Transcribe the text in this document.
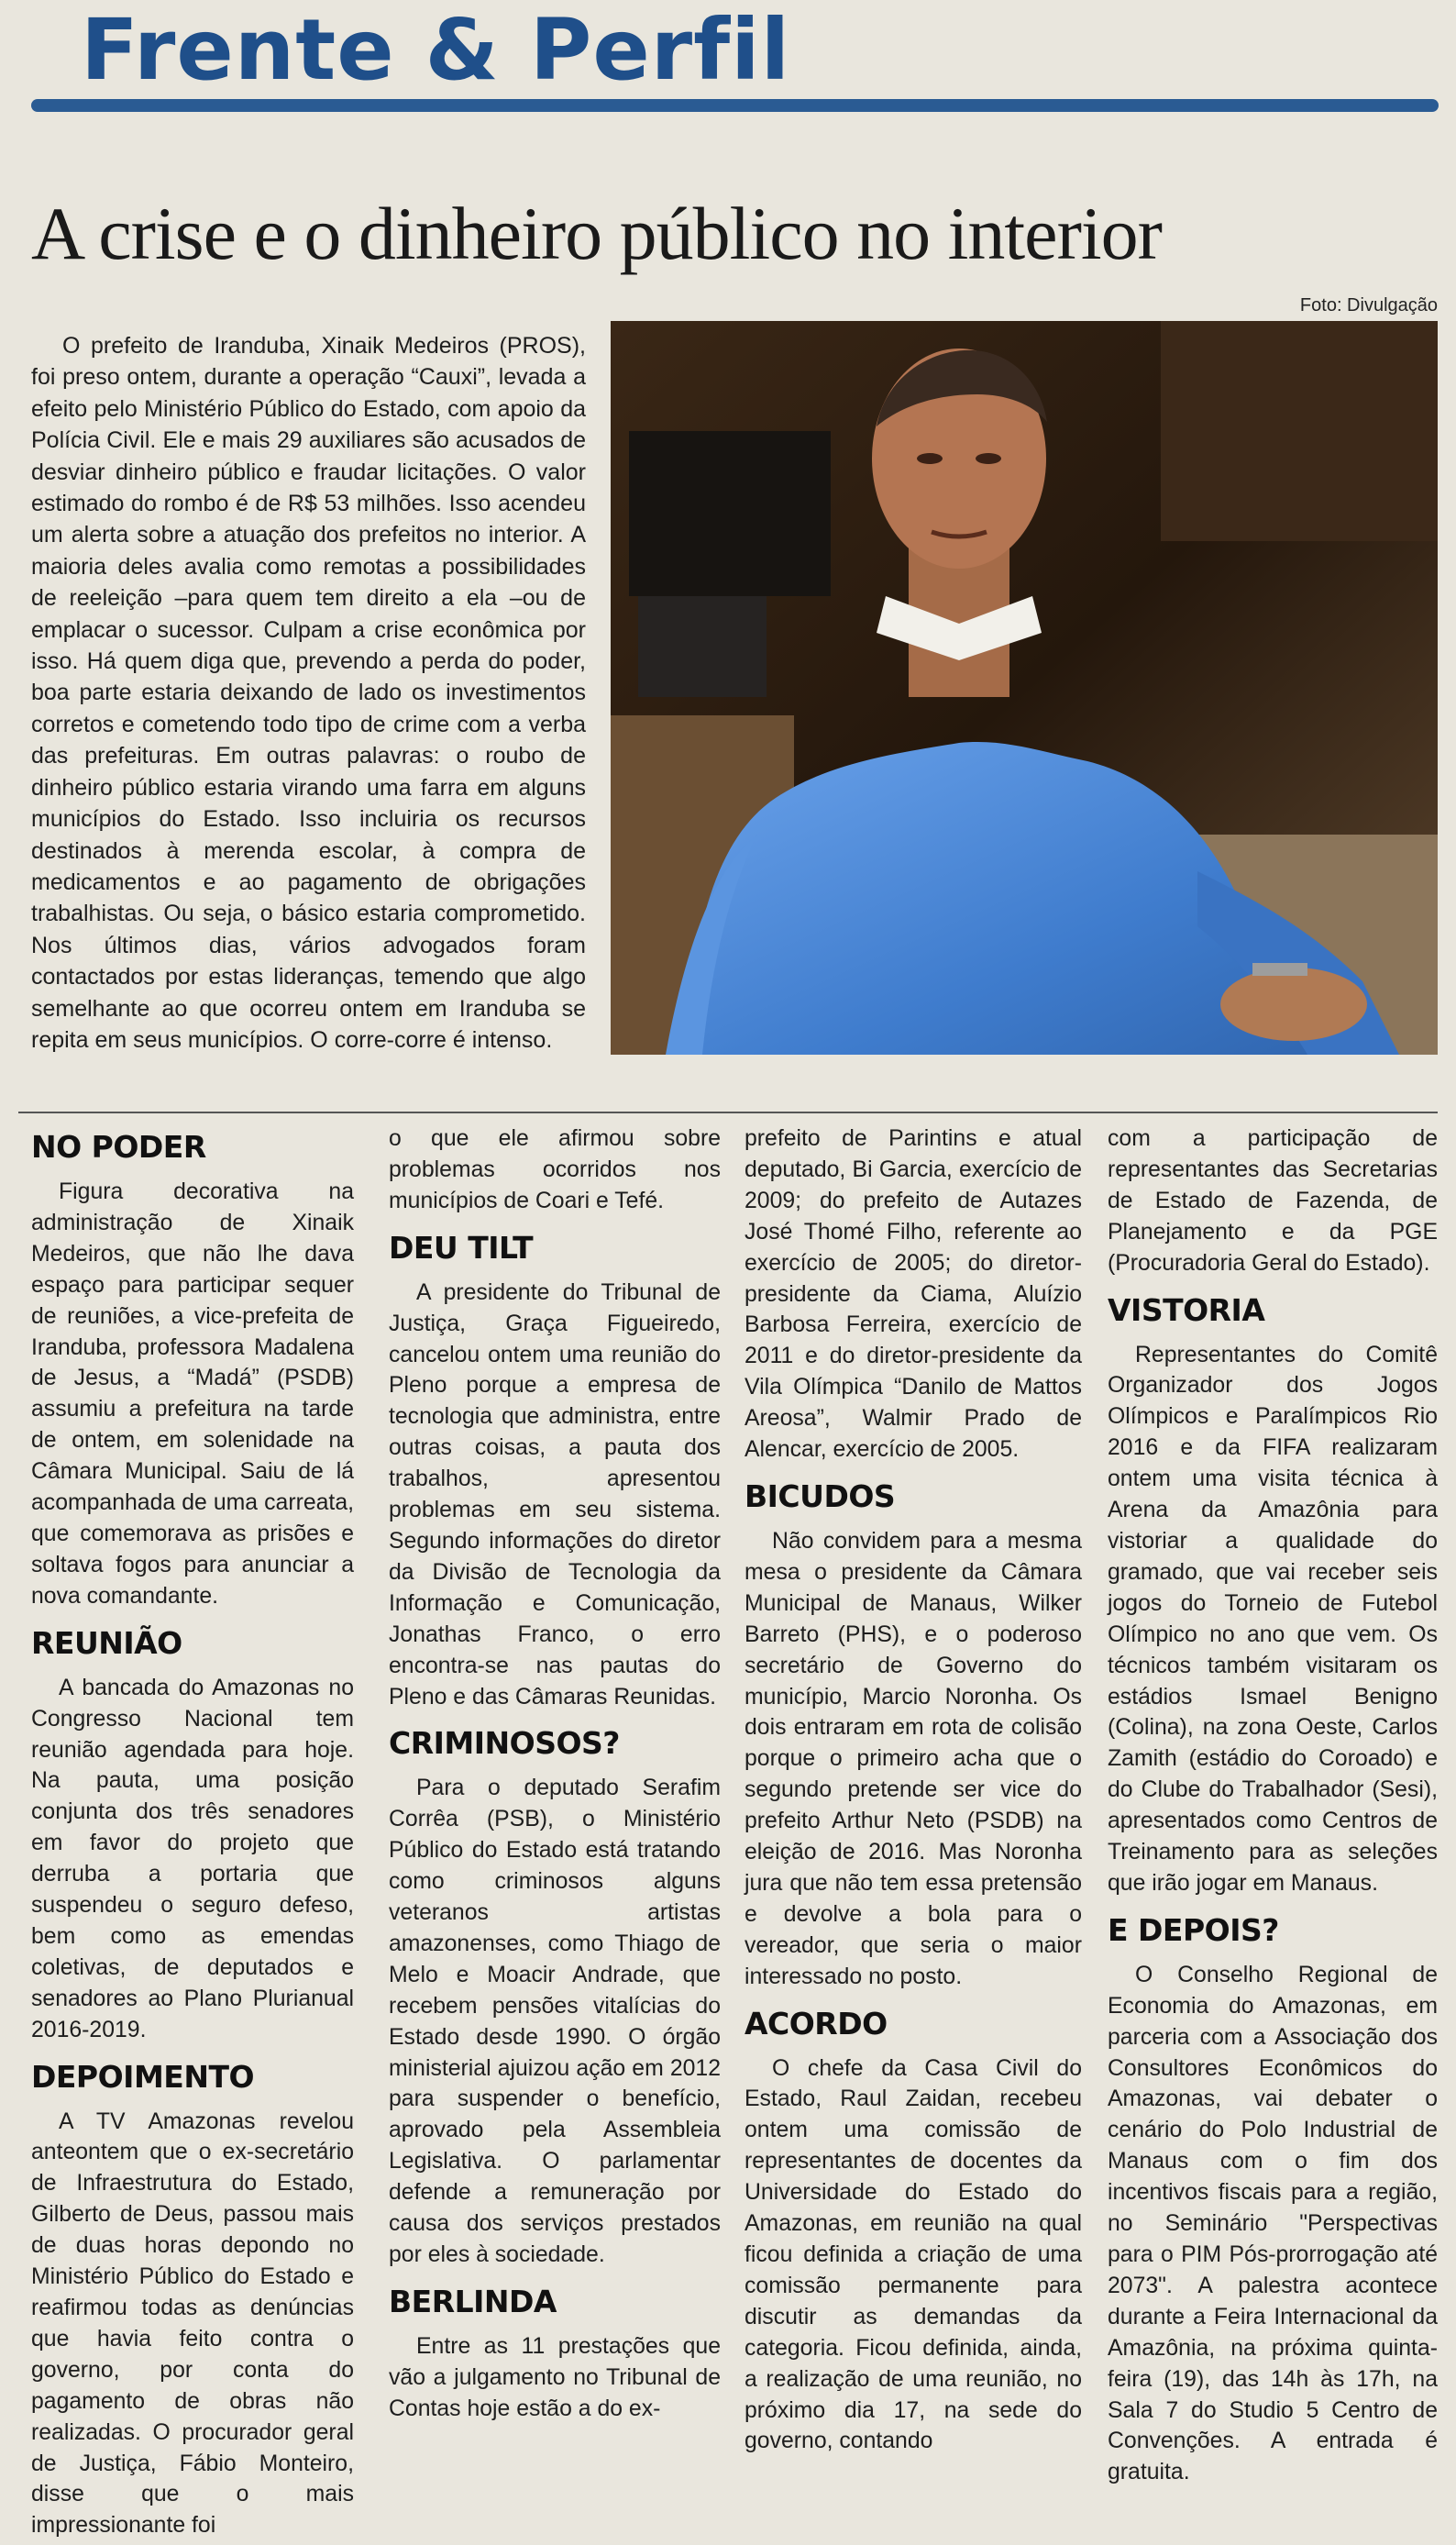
Frente & Perfil
A crise e o dinheiro público no interior
Foto: Divulgação
O prefeito de Iranduba, Xinaik Medeiros (PROS), foi preso ontem, durante a operação “Cauxi”, levada a efeito pelo Ministério Público do Estado, com apoio da Polícia Civil. Ele e mais 29 auxiliares são acusados de desviar dinheiro público e fraudar licitações. O valor estimado do rombo é de R$ 53 milhões. Isso acendeu um alerta sobre a atuação dos prefeitos no interior. A maioria deles avalia como remotas a possibilidades de reeleição –para quem tem direito a ela –ou de emplacar o sucessor. Culpam a crise econômica por isso. Há quem diga que, prevendo a perda do poder, boa parte estaria deixando de lado os investimentos corretos e cometendo todo tipo de crime com a verba das prefeituras. Em outras palavras: o roubo de dinheiro público estaria virando uma farra em alguns municípios do Estado. Isso incluiria os recursos destinados à merenda escolar, à compra de medicamentos e ao pagamento de obrigações trabalhistas. Ou seja, o básico estaria comprometido. Nos últimos dias, vários advogados foram contactados por estas lideranças, temendo que algo semelhante ao que ocorreu ontem em Iranduba se repita em seus municípios. O corre-corre é intenso.
NO PODER

Figura decorativa na administração de Xinaik Medeiros, que não lhe dava espaço para participar sequer de reuniões, a vice-prefeita de Iranduba, professora Madalena de Jesus, a “Madá” (PSDB) assumiu a prefeitura na tarde de ontem, em solenidade na Câmara Municipal. Saiu de lá acompanhada de uma carreata, que comemorava as prisões e soltava fogos para anunciar a nova comandante.

REUNIÃO

A bancada do Amazonas no Congresso Nacional tem reunião agendada para hoje. Na pauta, uma posição conjunta dos três senadores em favor do projeto que derruba a portaria que suspendeu o seguro defeso, bem como as emendas coletivas, de deputados e senadores ao Plano Plurianual 2016-2019.

DEPOIMENTO

A TV Amazonas revelou anteontem que o ex-secretário de Infraestrutura do Estado, Gilberto de Deus, passou mais de duas horas depondo no Ministério Público do Estado e reafirmou todas as denúncias que havia feito contra o governo, por conta do pagamento de obras não realizadas. O procurador geral de Justiça, Fábio Monteiro, disse que o mais impressionante foi

o que ele afirmou sobre problemas ocorridos nos municípios de Coari e Tefé.

DEU TILT

A presidente do Tribunal de Justiça, Graça Figueiredo, cancelou ontem uma reunião do Pleno porque a empresa de tecnologia que administra, entre outras coisas, a pauta dos trabalhos, apresentou problemas em seu sistema. Segundo informações do diretor da Divisão de Tecnologia da Informação e Comunicação, Jonathas Franco, o erro encontra-se nas pautas do Pleno e das Câmaras Reunidas.

CRIMINOSOS?

Para o deputado Serafim Corrêa (PSB), o Ministério Público do Estado está tratando como criminosos alguns veteranos artistas amazonenses, como Thiago de Melo e Moacir Andrade, que recebem pensões vitalícias do Estado desde 1990. O órgão ministerial ajuizou ação em 2012 para suspender o benefício, aprovado pela Assembleia Legislativa. O parlamentar defende a remuneração por causa dos serviços prestados por eles à sociedade.

BERLINDA

Entre as 11 prestações que vão a julgamento no Tribunal de Contas hoje estão a do ex-

prefeito de Parintins e atual deputado, Bi Garcia, exercício de 2009; do prefeito de Autazes José Thomé Filho, referente ao exercício de 2005; do diretor-presidente da Ciama, Aluízio Barbosa Ferreira, exercício de 2011 e do diretor-presidente da Vila Olímpica “Danilo de Mattos Areosa”, Walmir Prado de Alencar, exercício de 2005.

BICUDOS

Não convidem para a mesma mesa o presidente da Câmara Municipal de Manaus, Wilker Barreto (PHS), e o poderoso secretário de Governo do município, Marcio Noronha. Os dois entraram em rota de colisão porque o primeiro acha que o segundo pretende ser vice do prefeito Arthur Neto (PSDB) na eleição de 2016. Mas Noronha jura que não tem essa pretensão e devolve a bola para o vereador, que seria o maior interessado no posto.

ACORDO

O chefe da Casa Civil do Estado, Raul Zaidan, recebeu ontem uma comissão de representantes de docentes da Universidade do Estado do Amazonas, em reunião na qual ficou definida a criação de uma comissão permanente para discutir as demandas da categoria. Ficou definida, ainda, a realização de uma reunião, no próximo dia 17, na sede do governo, contando

com a participação de representantes das Secretarias de Estado de Fazenda, de Planejamento e da PGE (Procuradoria Geral do Estado).

VISTORIA

Representantes do Comitê Organizador dos Jogos Olímpicos e Paralímpicos Rio 2016 e da FIFA realizaram ontem uma visita técnica à Arena da Amazônia para vistoriar a qualidade do gramado, que vai receber seis jogos do Torneio de Futebol Olímpico no ano que vem. Os técnicos também visitaram os estádios Ismael Benigno (Colina), na zona Oeste, Carlos Zamith (estádio do Coroado) e do Clube do Trabalhador (Sesi), apresentados como Centros de Treinamento para as seleções que irão jogar em Manaus.

E DEPOIS?

O Conselho Regional de Economia do Amazonas, em parceria com a Associação dos Consultores Econômicos do Amazonas, vai debater o cenário do Polo Industrial de Manaus com o fim dos incentivos fiscais para a região, no Seminário "Perspectivas para o PIM Pós-prorrogação até 2073". A palestra acontece durante a Feira Internacional da Amazônia, na próxima quinta-feira (19), das 14h às 17h, na Sala 7 do Studio 5 Centro de Convenções. A entrada é gratuita.
